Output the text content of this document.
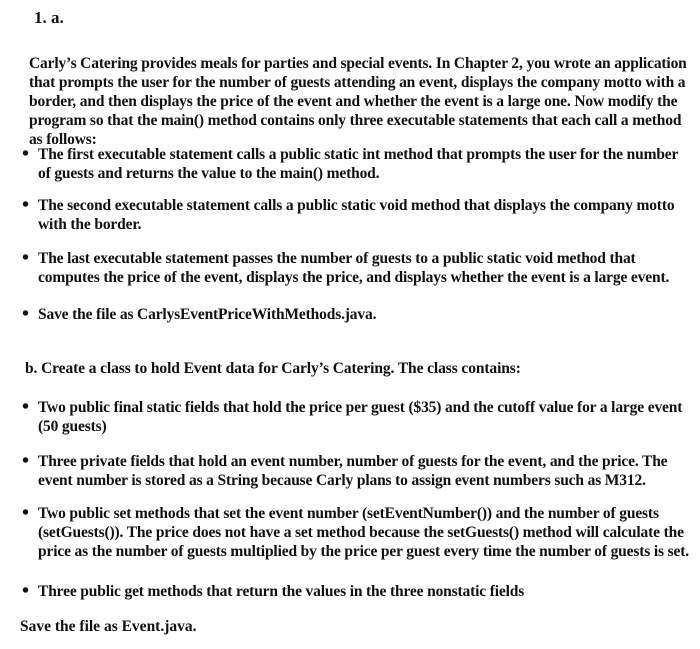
1. a.
Carly’s Catering provides meals for parties and special events. In Chapter 2, you wrote an application that prompts the user for the number of guests attending an event, displays the company motto with a border, and then displays the price of the event and whether the event is a large one. Now modify the program so that the main() method contains only three executable statements that each call a method as follows:
• The first executable statement calls a public static int method that prompts the user for the number of guests and returns the value to the main() method.
• The second executable statement calls a public static void method that displays the company motto with the border.
• The last executable statement passes the number of guests to a public static void method that computes the price of the event, displays the price, and displays whether the event is a large event.
• Save the file as CarlysEventPriceWithMethods.java.
b. Create a class to hold Event data for Carly’s Catering. The class contains:
• Two public final static fields that hold the price per guest ($35) and the cutoff value for a large event (50 guests)
• Three private fields that hold an event number, number of guests for the event, and the price. The event number is stored as a String because Carly plans to assign event numbers such as M312.
• Two public set methods that set the event number (setEventNumber()) and the number of guests (setGuests()). The price does not have a set method because the setGuests() method will calculate the price as the number of guests multiplied by the price per guest every time the number of guests is set.
• Three public get methods that return the values in the three nonstatic fields
Save the file as Event.java.
